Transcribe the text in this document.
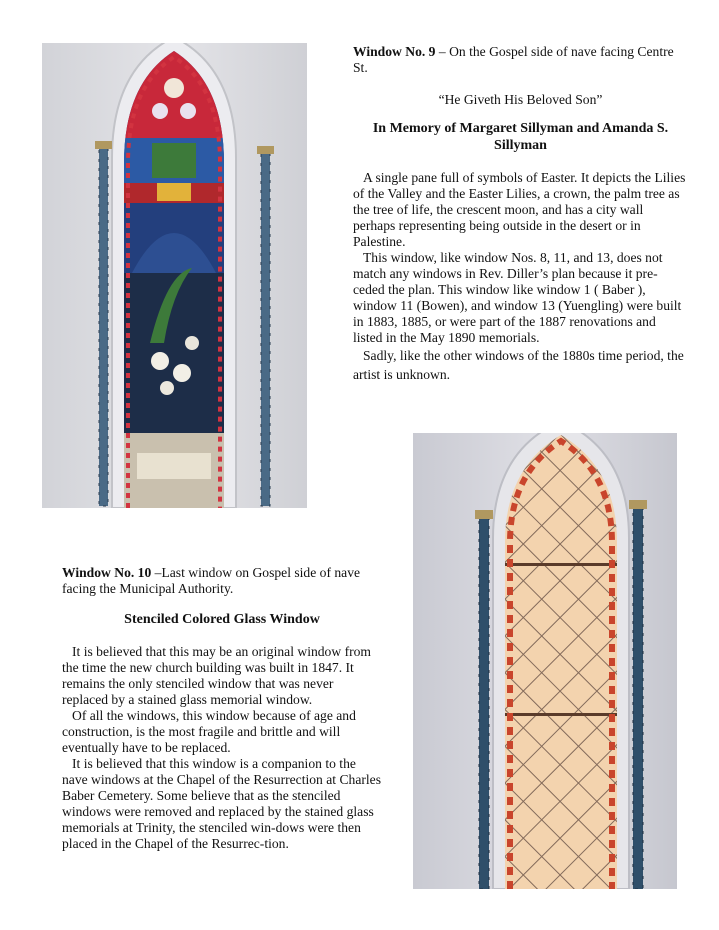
Window No. 9 – On the Gospel side of nave facing Centre St.

“He Giveth His Beloved Son”

In Memory of Margaret Sillyman and Amanda S. Sillyman

A single pane full of symbols of Easter. It depicts the Lilies of the Valley and the Easter Lilies, a crown, the palm tree as the tree of life, the crescent moon, and has a city wall perhaps representing being outside in the desert or in Palestine.

This window, like window Nos. 8, 11, and 13, does not match any windows in Rev. Diller’s plan because it pre-ceded the plan. This window like window 1 ( Baber ), window 11 (Bowen), and window 13 (Yuengling) were built in 1883, 1885, or were part of the 1887 renovations and listed in the May 1890 memorials.

Sadly, like the other windows of the 1880s time period, the artist is unknown.

Window No. 10 –Last window on Gospel side of nave facing the Municipal Authority.

Stenciled Colored Glass Window

It is believed that this may be an original window from the time the new church building was built in 1847. It remains the only stenciled window that was never replaced by a stained glass memorial window.

Of all the windows, this window because of age and construction, is the most fragile and brittle and will eventually have to be replaced.

It is believed that this window is a companion to the nave windows at the Chapel of the Resurrection at Charles Baber Cemetery. Some believe that as the stenciled windows were removed and replaced by the stained glass memorials at Trinity, the stenciled win-dows were then placed in the Chapel of the Resurrec-tion.
